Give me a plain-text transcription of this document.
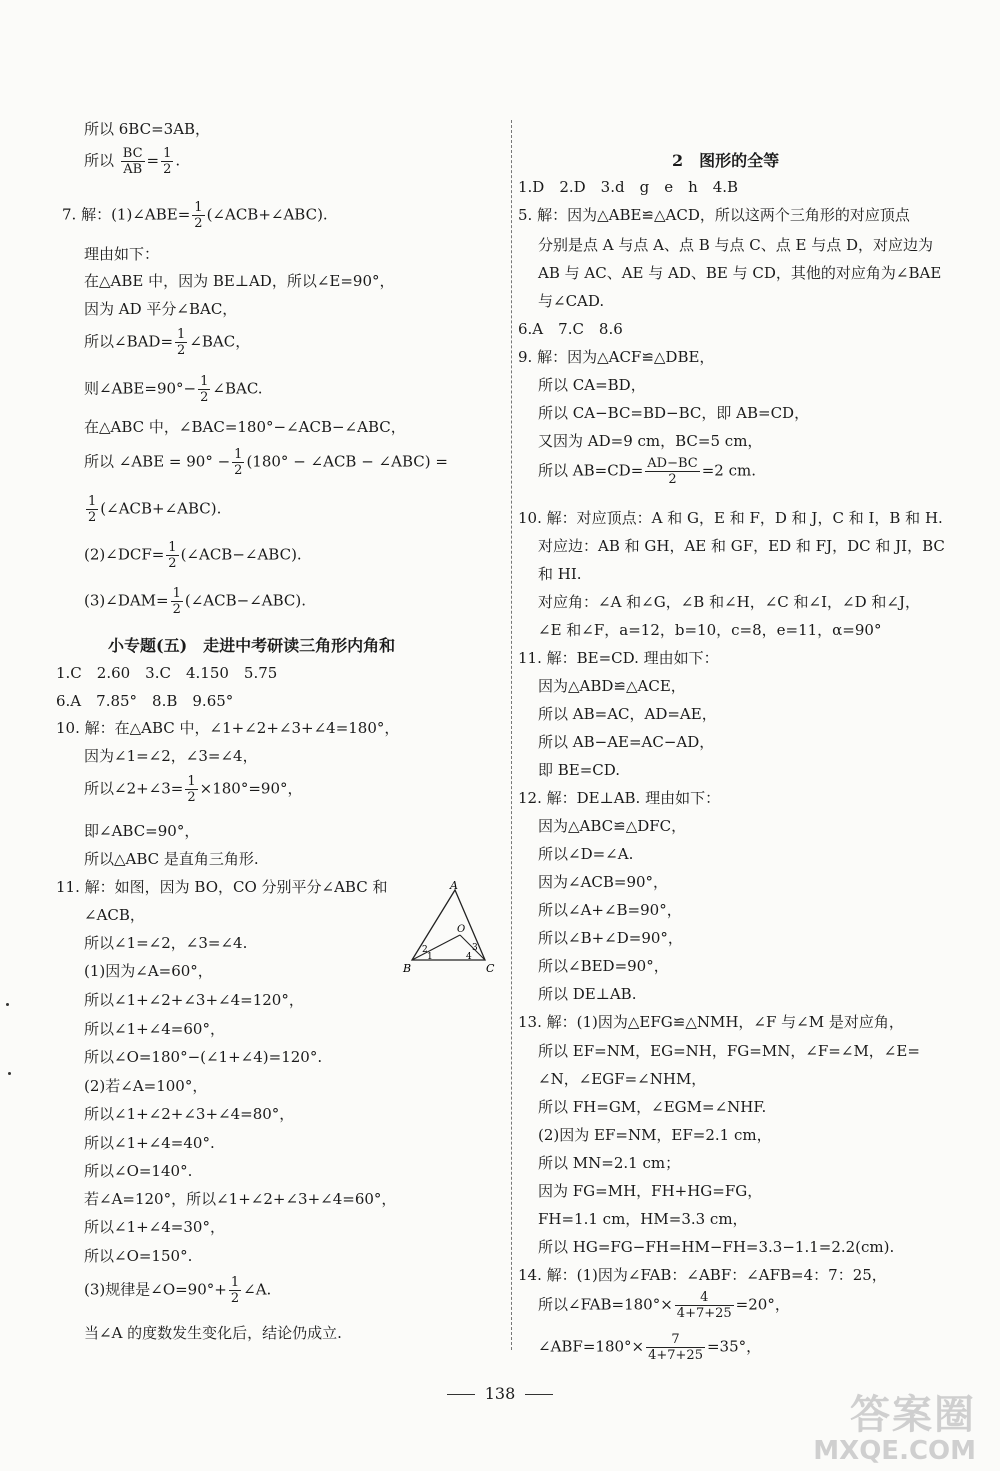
所以 6BC=3AB，
所以 $\frac{BC}{AB} = \frac{1}{2}$ .
7. 解：(1)∠ABE= $\frac{1}{2}$ (∠ACB+∠ABC).
理由如下：
在△ABE 中，因为 BE⊥AD，所以∠E=90°，
因为 AD 平分∠BAC，
所以∠BAD= $\frac{1}{2}$ ∠BAC，
则∠ABE=90°− $\frac{1}{2}$ ∠BAC.
在△ABC 中，∠BAC=180°−∠ACB−∠ABC，
所以 ∠ABE = $90^\circ - \frac{1}{2} (180^\circ$ − ∠ACB − ∠ABC) =
$\frac{1}{2}$ (∠ACB+∠ABC).
(2)∠DCF= $\frac{1}{2}$ (∠ACB−∠ABC).
(3)∠DAM= $\frac{1}{2}$ (∠ACB−∠ABC).
小专题(五)　走进中考研读三角形内角和
1.C　2.60　3.C　4.150　5.75
6.A　7.85°　8.B　9.65°
10. 解：在△ABC 中，∠1+∠2+∠3+∠4=180°，
因为∠1=∠2，∠3=∠4，
所以∠2+∠3= $\frac{1}{2} \times 180^\circ=90^\circ$，
即∠ABC=90°，
所以△ABC 是直角三角形.
11. 解：如图，因为 BO，CO 分别平分∠ABC 和
∠ACB，
所以∠1=∠2，∠3=∠4.
(1)因为∠A=60°，
所以∠1+∠2+∠3+∠4=120°，
所以∠1+∠4=60°，
所以∠O=180°−(∠1+∠4)=120°.
(2)若∠A=100°，
所以∠1+∠2+∠3+∠4=80°，
所以∠1+∠4=40°.
所以∠O=140°.
若∠A=120°，所以∠1+∠2+∠3+∠4=60°，
所以∠1+∠4=30°，
所以∠O=150°.
(3)规律是∠O=90°+ $\frac{1}{2}$ ∠A.
当∠A 的度数发生变化后，结论仍成立.
A
B	C
O
2
1
3
4
2　图形的全等
1.D　2.D　3.d　g　e　h　4.B
5. 解：因为△ABE≌△ACD，所以这两个三角形的对应顶点
分别是点 A 与点 A、点 B 与点 C、点 E 与点 D，对应边为
AB 与 AC、AE 与 AD、BE 与 CD，其他的对应角为∠BAE
与∠CAD.
6.A　7.C　8.6
9. 解：因为△ACF≌△DBE，
所以 CA=BD，
所以 CA−BC=BD−BC，即 AB=CD，
又因为 AD=9 cm，BC=5 cm，
所以 $AB=CD= \frac{AD-BC}{2} =2$ cm.
10. 解：对应顶点：A 和 G，E 和 F，D 和 J，C 和 I，B 和 H.
对应边：AB 和 GH，AE 和 GF，ED 和 FJ，DC 和 JI，BC
和 HI.
对应角：∠A 和∠G，∠B 和∠H，∠C 和∠I，∠D 和∠J，
∠E 和∠F，a=12，b=10，c=8，e=11，α=90°
11. 解：BE=CD. 理由如下：
因为△ABD≌△ACE，
所以 AB=AC，AD=AE，
所以 AB−AE=AC−AD，
即 BE=CD.
12. 解：DE⊥AB. 理由如下：
因为△ABC≌△DFC，
所以∠D=∠A.
因为∠ACB=90°，
所以∠A+∠B=90°，
所以∠B+∠D=90°，
所以∠BED=90°，
所以 DE⊥AB.
13. 解：(1)因为△EFG≌△NMH，∠F 与∠M 是对应角，
所以 EF=NM，EG=NH，FG=MN，∠F=∠M，∠E=
∠N，∠EGF=∠NHM，
所以 FH=GM，∠EGM=∠NHF.
(2)因为 EF=NM，EF=2.1 cm，
所以 MN=2.1 cm；
因为 FG=MH，FH+HG=FG，
FH=1.1 cm，HM=3.3 cm，
所以 HG=FG−FH=HM−FH=3.3−1.1=2.2(cm).
14. 解：(1)因为∠FAB：∠ABF：∠AFB=4：7：25，
所以∠FAB=180°× $\frac{4}{4+7+25} =20^\circ$，
∠ABF=180°× $\frac{7}{4+7+25} =35^\circ$，
138	答案圈
MXQE.COM
